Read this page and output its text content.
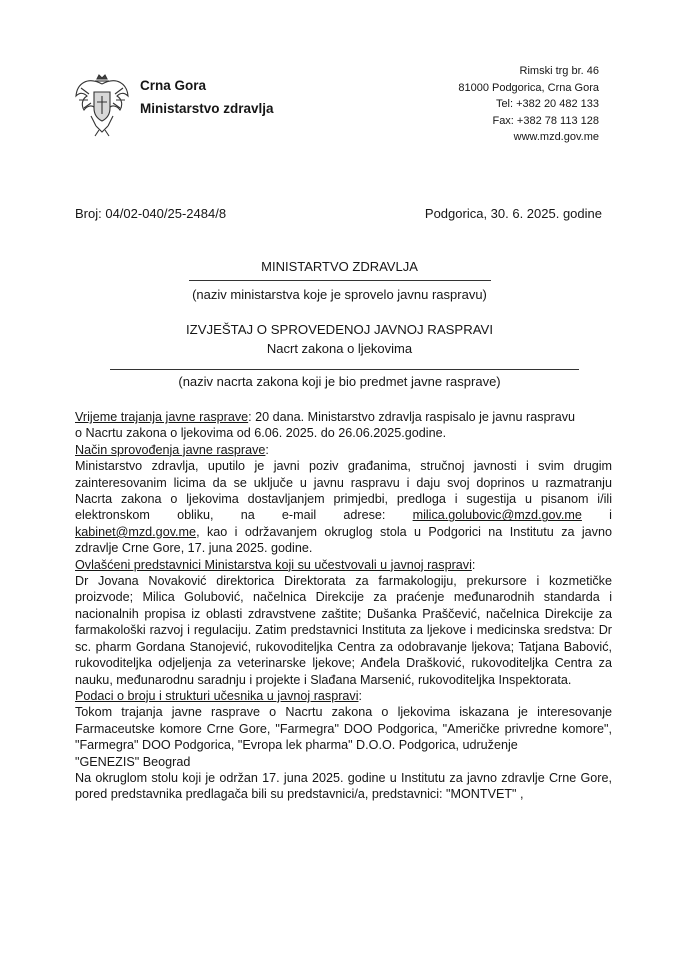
Crna Gora
Ministarstvo zdravlja
Rimski trg br. 46
81000 Podgorica, Crna Gora
Tel: +382 20 482 133
Fax: +382 78 113 128
www.mzd.gov.me
Broj: 04/02-040/25-2484/8	Podgorica, 30. 6. 2025. godine
MINISTARTVO ZDRAVLJA
(naziv ministarstva koje je sprovelo javnu raspravu)
IZVJEŠTAJ O SPROVEDENOJ JAVNOJ RASPRAVI
Nacrt zakona o ljekovima
(naziv nacrta zakona koji je bio predmet javne rasprave)

Vrijeme trajanja javne rasprave: 20 dana. Ministarstvo zdravlja raspisalo je javnu raspravu

o Nacrtu zakona o ljekovima od 6.06. 2025. do 26.06.2025.godine.

Način sprovođenja javne rasprave:

Ministarstvo zdravlja, uputilo je javni poziv građanima, stručnoj javnosti i svim drugim

zainteresovanim licima da se uključe u javnu raspravu i daju svoj doprinos u razmatranju

Nacrta zakona o ljekovima dostavljanjem primjedbi, predloga i sugestija u pisanom i/ili

elektronskom obliku, na e-mail adrese: milica.golubovic@mzd.gov.me i

kabinet@mzd.gov.me, kao i održavanjem okruglog stola u Podgorici na Institutu za javno

zdravlje Crne Gore, 17. juna 2025. godine.

Ovlašćeni predstavnici Ministarstva koji su učestvovali u javnoj raspravi:

Dr Jovana Novaković direktorica Direktorata za farmakologiju, prekursore i kozmetičke proizvode; Milica Golubović, načelnica Direkcije za praćenje međunarodnih standarda i nacionalnih propisa iz oblasti zdravstvene zaštite; Dušanka Praščević, načelnica Direkcije za farmakološki razvoj i regulaciju. Zatim predstavnici Instituta za ljekove i medicinska sredstva: Dr sc. pharm Gordana Stanojević, rukovoditeljka Centra za odobravanje ljekova; Tatjana Babović, rukovoditeljka odjeljenja za veterinarske ljekove; Anđela Drašković, rukovoditeljka Centra za nauku, međunarodnu saradnju i projekte i Slađana Marsenić, rukovoditeljka Inspektorata.

Podaci o broju i strukturi učesnika u javnoj raspravi:

Tokom trajanja javne rasprave o Nacrtu zakona o ljekovima iskazana je interesovanje Farmaceutske komore Crne Gore, "Farmegra" DOO Podgorica, "Američke privredne komore", "Farmegra" DOO Podgorica, "Evropa lek pharma" D.O.O. Podgorica, udruženje

"GENEZIS" Beograd

Na okruglom stolu koji je održan 17. juna 2025. godine u Institutu za javno zdravlje Crne Gore, pored predstavnika predlagača bili su predstavnici/a, predstavnici: "MONTVET" ,
